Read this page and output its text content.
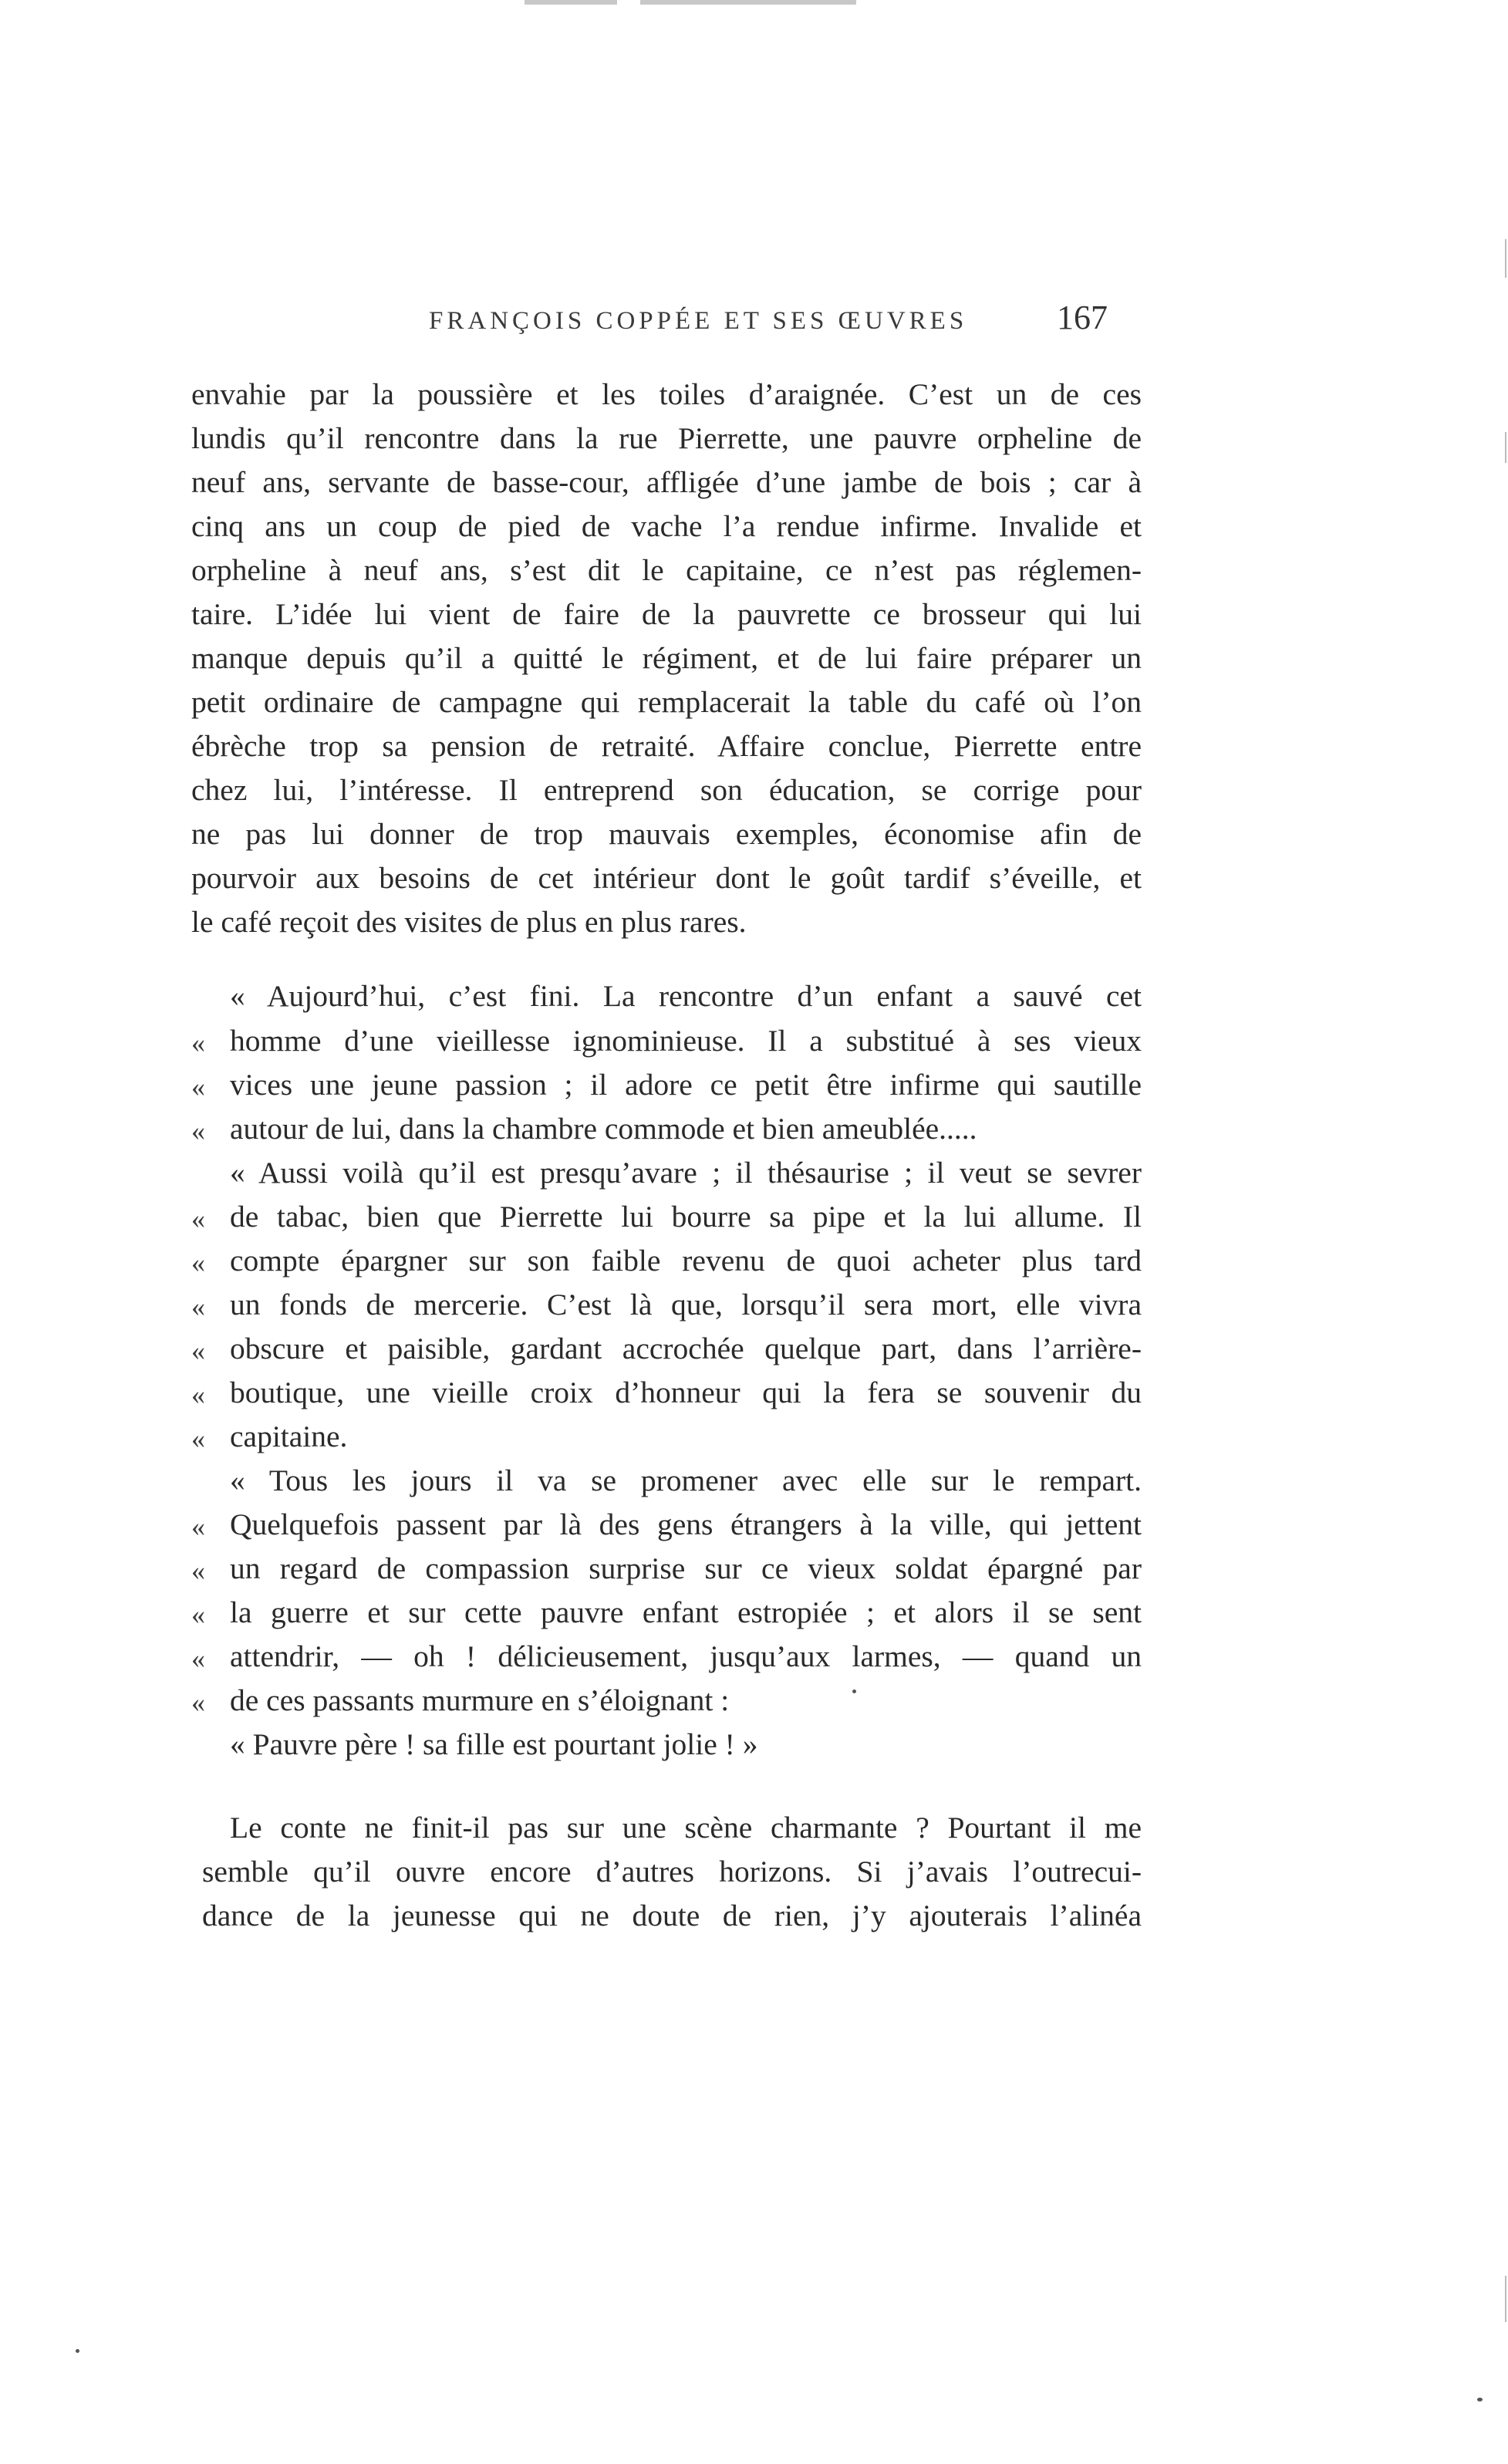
FRANÇOIS COPPÉE ET SES ŒUVRES	167
envahie par la poussière et les toiles d’araignée. C’est un de ces
lundis qu’il rencontre dans la rue Pierrette, une pauvre orpheline de
neuf ans, servante de basse-cour, affligée d’une jambe de bois ; car à
cinq ans un coup de pied de vache l’a rendue infirme. Invalide et
orpheline à neuf ans, s’est dit le capitaine, ce n’est pas réglemen-
taire. L’idée lui vient de faire de la pauvrette ce brosseur qui lui
manque depuis qu’il a quitté le régiment, et de lui faire préparer un
petit ordinaire de campagne qui remplacerait la table du café où l’on
ébrèche trop sa pension de retraité. Affaire conclue, Pierrette entre
chez lui, l’intéresse. Il entreprend son éducation, se corrige pour
ne pas lui donner de trop mauvais exemples, économise afin de
pourvoir aux besoins de cet intérieur dont le goût tardif s’éveille, et
le café reçoit des visites de plus en plus rares.
« Aujourd’hui, c’est fini. La rencontre d’un enfant a sauvé cet
« homme d’une vieillesse ignominieuse. Il a substitué à ses vieux
« vices une jeune passion ; il adore ce petit être infirme qui sautille
« autour de lui, dans la chambre commode et bien ameublée.....
« Aussi voilà qu’il est presqu’avare ; il thésaurise ; il veut se sevrer
« de tabac, bien que Pierrette lui bourre sa pipe et la lui allume. Il
« compte épargner sur son faible revenu de quoi acheter plus tard
« un fonds de mercerie. C’est là que, lorsqu’il sera mort, elle vivra
« obscure et paisible, gardant accrochée quelque part, dans l’arrière-
« boutique, une vieille croix d’honneur qui la fera se souvenir du
« capitaine.
« Tous les jours il va se promener avec elle sur le rempart.
« Quelquefois passent par là des gens étrangers à la ville, qui jettent
« un regard de compassion surprise sur ce vieux soldat épargné par
« la guerre et sur cette pauvre enfant estropiée ; et alors il se sent
« attendrir, — oh ! délicieusement, jusqu’aux larmes, — quand un
« de ces passants murmure en s’éloignant :
« Pauvre père ! sa fille est pourtant jolie ! »
Le conte ne finit-il pas sur une scène charmante ? Pourtant il me
semble qu’il ouvre encore d’autres horizons. Si j’avais l’outrecui-
dance de la jeunesse qui ne doute de rien, j’y ajouterais l’alinéa
